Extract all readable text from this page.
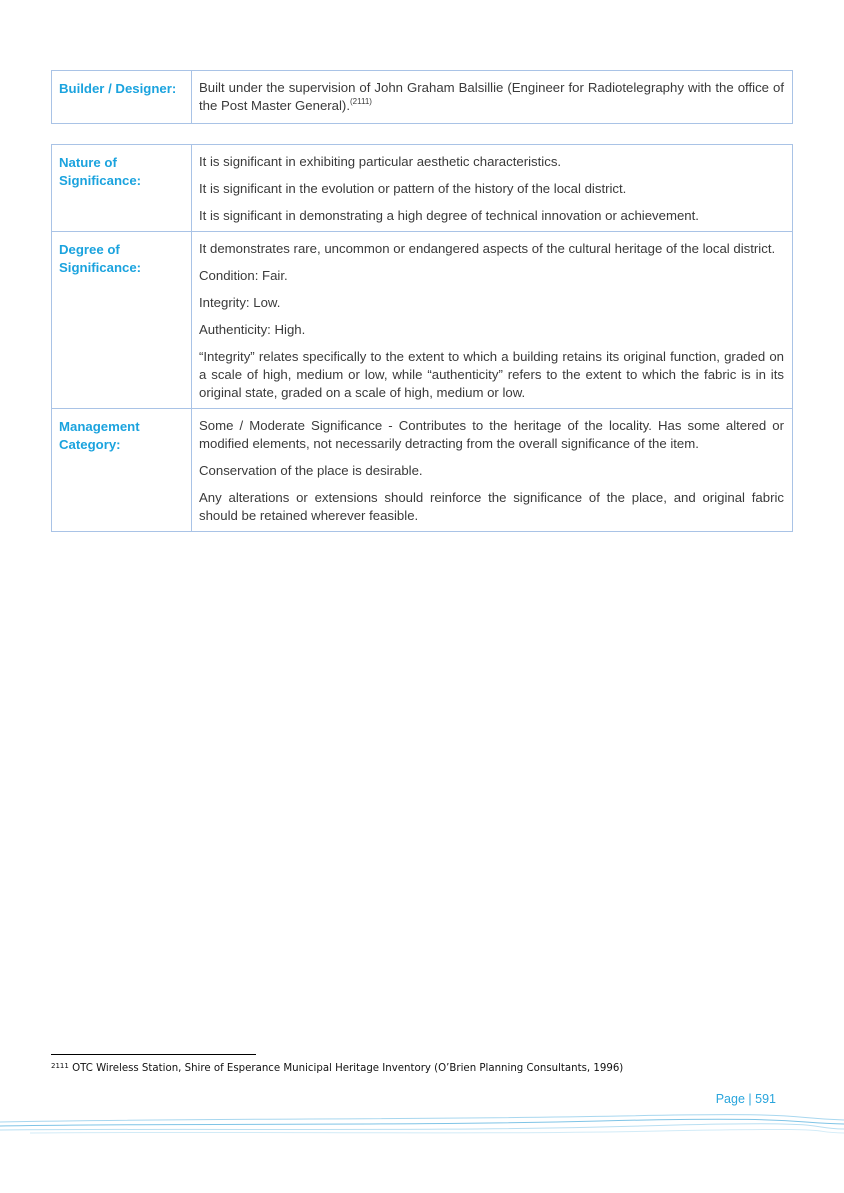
Builder / Designer:	Built under the supervision of John Graham Balsillie (Engineer for Radiotelegraphy with the office of the Post Master General).$^{(2111)}$
Nature of Significance:	It is significant in exhibiting particular aesthetic characteristics.

It is significant in the evolution or pattern of the history of the local district.

It is significant in demonstrating a high degree of technical innovation or achievement.

Degree of Significance:	It demonstrates rare, uncommon or endangered aspects of the cultural heritage of the local district.

Condition: Fair.

Integrity: Low.

Authenticity: High.

“Integrity” relates specifically to the extent to which a building retains its original function, graded on a scale of high, medium or low, while “authenticity” refers to the extent to which the fabric is in its original state, graded on a scale of high, medium or low.

Management Category:	Some / Moderate Significance - Contributes to the heritage of the locality. Has some altered or modified elements, not necessarily detracting from the overall significance of the item.

Conservation of the place is desirable.

Any alterations or extensions should reinforce the significance of the place, and original fabric should be retained wherever feasible.

$^{2111}$ OTC Wireless Station, Shire of Esperance Municipal Heritage Inventory (O’Brien Planning Consultants, 1996)
Page | 591
